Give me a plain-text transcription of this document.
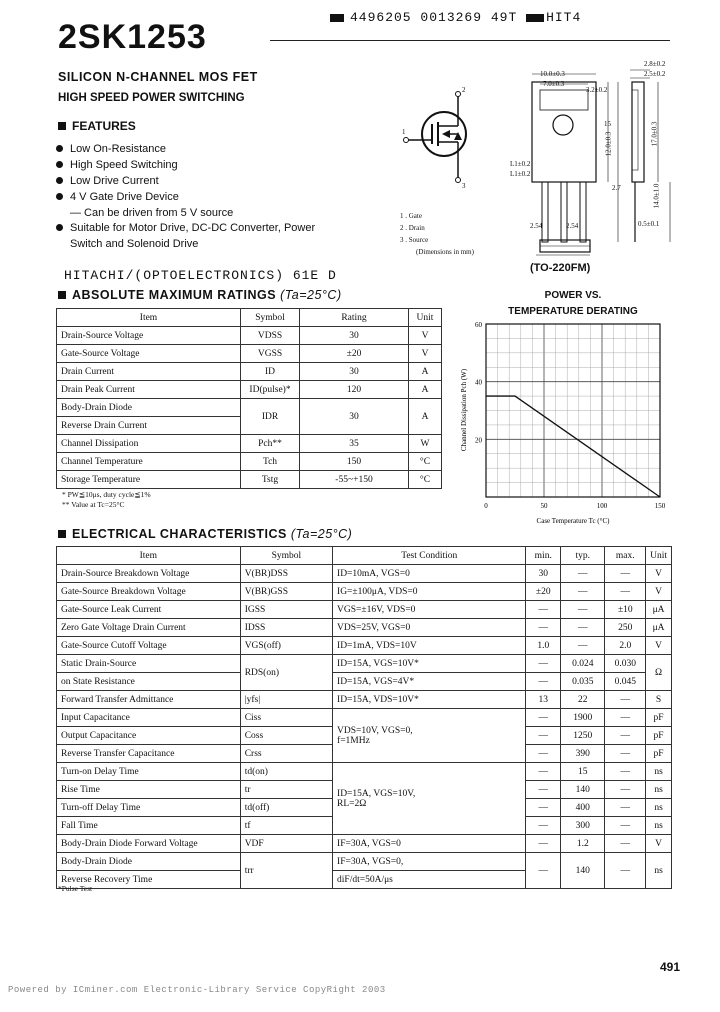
2SK1253
4496205 0013269 49T HIT4
SILICON N-CHANNEL MOS FET
HIGH SPEED POWER SWITCHING
FEATURES
Low On-Resistance
High Speed Switching
Low Drive Current
4 V Gate Drive Device
— Can be driven from 5 V source
Suitable for Motor Drive, DC-DC Converter, Power
Switch and Solenoid Drive
2
1
3
10.0±0.3
7.0±0.3
3.2±0.2
2.8±0.2
2.5±0.2
15
12.0±0.3	17.0±0.3
L1±0.2
L1±0.2
2.7	14.0±1.0
2.54	2.54	0.5±0.1
1 . Gate
2 . Drain
3 . Source
(Dimensions in mm)
(TO-220FM)
HITACHI/(OPTOELECTRONICS) 61E D
ABSOLUTE MAXIMUM RATINGS (Ta=25°C)
Item	Symbol	Rating	Unit
Drain-Source Voltage	VDSS	30	V
Gate-Source Voltage	VGSS	±20	V
Drain Current	ID	30	A
Drain Peak Current	ID(pulse)*	120	A
Body-Drain Diode	IDR	30	A
Reverse Drain Current			
Channel Dissipation	Pch**	35	W
Channel Temperature	Tch	150	°C
Storage Temperature	Tstg	-55~+150	°C
* PW≦10μs, duty cycle≦1%
** Value at Tc=25°C
POWER VS.
TEMPERATURE DERATING
0	50	100	150
20
40
60
Case Temperature Tc (°C)
Channel Dissipation Pch (W)
ELECTRICAL CHARACTERISTICS (Ta=25°C)
Item	Symbol	Test Condition	min.	typ.	max.	Unit
Drain-Source Breakdown Voltage	V(BR)DSS	ID=10mA, VGS=0	30	—	—	V
Gate-Source Breakdown Voltage	V(BR)GSS	IG=±100μA, VDS=0	±20	—	—	V
Gate-Source Leak Current	IGSS	VGS=±16V, VDS=0	—	—	±10	μA
Zero Gate Voltage Drain Current	IDSS	VDS=25V, VGS=0	—	—	250	μA
Gate-Source Cutoff Voltage	VGS(off)	ID=1mA, VDS=10V	1.0	—	2.0	V
Static Drain-Source	RDS(on)	ID=15A, VGS=10V*	—	0.024	0.030	Ω
on State Resistance		ID=15A, VGS=4V*	—	0.035	0.045	
Forward Transfer Admittance	|yfs|	ID=15A, VDS=10V*	13	22	—	S
Input Capacitance	Ciss	VDS=10V, VGS=0,
f=1MHz	—	1900	—	pF
Output Capacitance	Coss		—	1250	—	pF
Reverse Transfer Capacitance	Crss		—	390	—	pF
Turn-on Delay Time	td(on)	ID=15A, VGS=10V,
RL=2Ω	—	15	—	ns
Rise Time	tr		—	140	—	ns
Turn-off Delay Time	td(off)		—	400	—	ns
Fall Time	tf		—	300	—	ns
Body-Drain Diode Forward Voltage	VDF	IF=30A, VGS=0	—	1.2	—	V
Body-Drain Diode	trr	IF=30A, VGS=0,	—	140	—	ns
Reverse Recovery Time		diF/dt=50A/μs				
*Pulse Test
491
Powered by ICminer.com Electronic-Library Service CopyRight 2003
